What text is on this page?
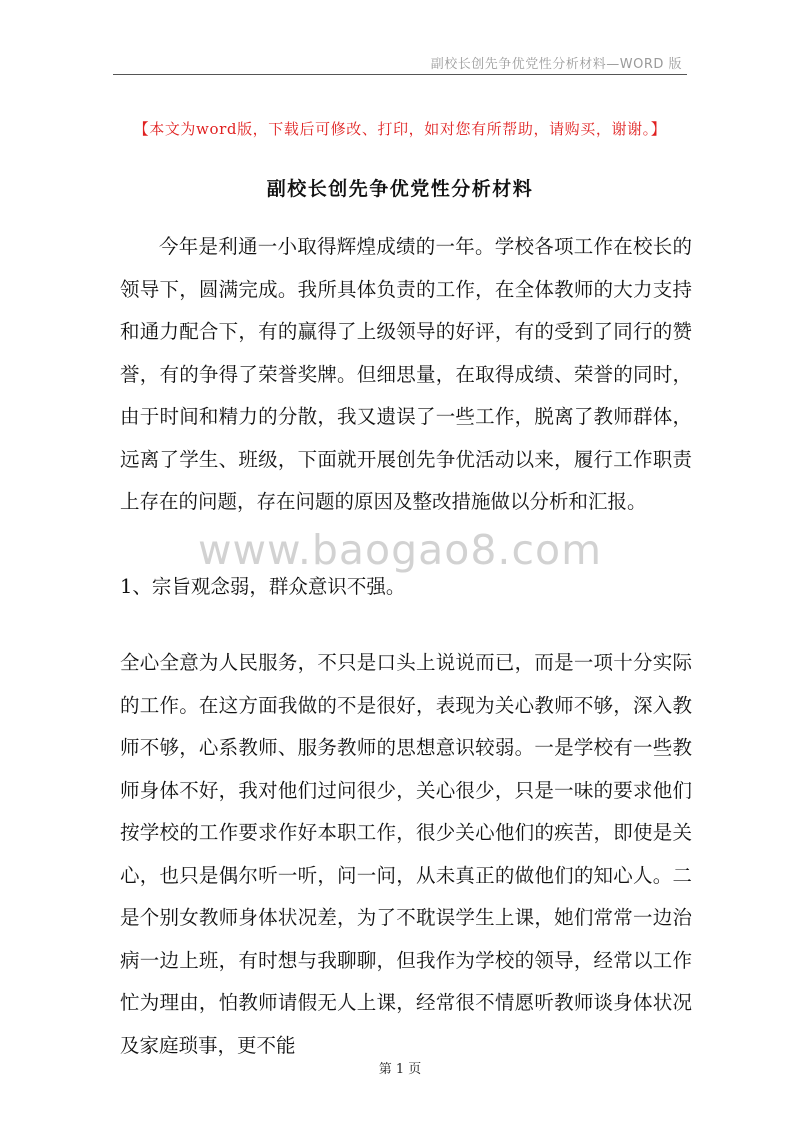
副校长创先争优党性分析材料—WORD 版
【本文为word版，下载后可修改、打印，如对您有所帮助，请购买，谢谢。】
副校长创先争优党性分析材料

今年是利通一小取得辉煌成绩的一年。学校各项工作在校长的领导下，圆满完成。我所具体负责的工作，在全体教师的大力支持和通力配合下，有的赢得了上级领导的好评，有的受到了同行的赞誉，有的争得了荣誉奖牌。但细思量，在取得成绩、荣誉的同时，由于时间和精力的分散，我又遗误了一些工作，脱离了教师群体，远离了学生、班级，下面就开展创先争优活动以来，履行工作职责上存在的问题，存在问题的原因及整改措施做以分析和汇报。

www.baogao8.com

1、宗旨观念弱，群众意识不强。

全心全意为人民服务，不只是口头上说说而已，而是一项十分实际的工作。在这方面我做的不是很好，表现为关心教师不够，深入教师不够，心系教师、服务教师的思想意识较弱。一是学校有一些教师身体不好，我对他们过问很少，关心很少，只是一味的要求他们按学校的工作要求作好本职工作，很少关心他们的疾苦，即使是关心，也只是偶尔听一听，问一问，从未真正的做他们的知心人。二是个别女教师身体状况差，为了不耽误学生上课，她们常常一边治病一边上班，有时想与我聊聊，但我作为学校的领导，经常以工作忙为理由，怕教师请假无人上课，经常很不情愿听教师谈身体状况及家庭琐事，更不能

第 1 页
